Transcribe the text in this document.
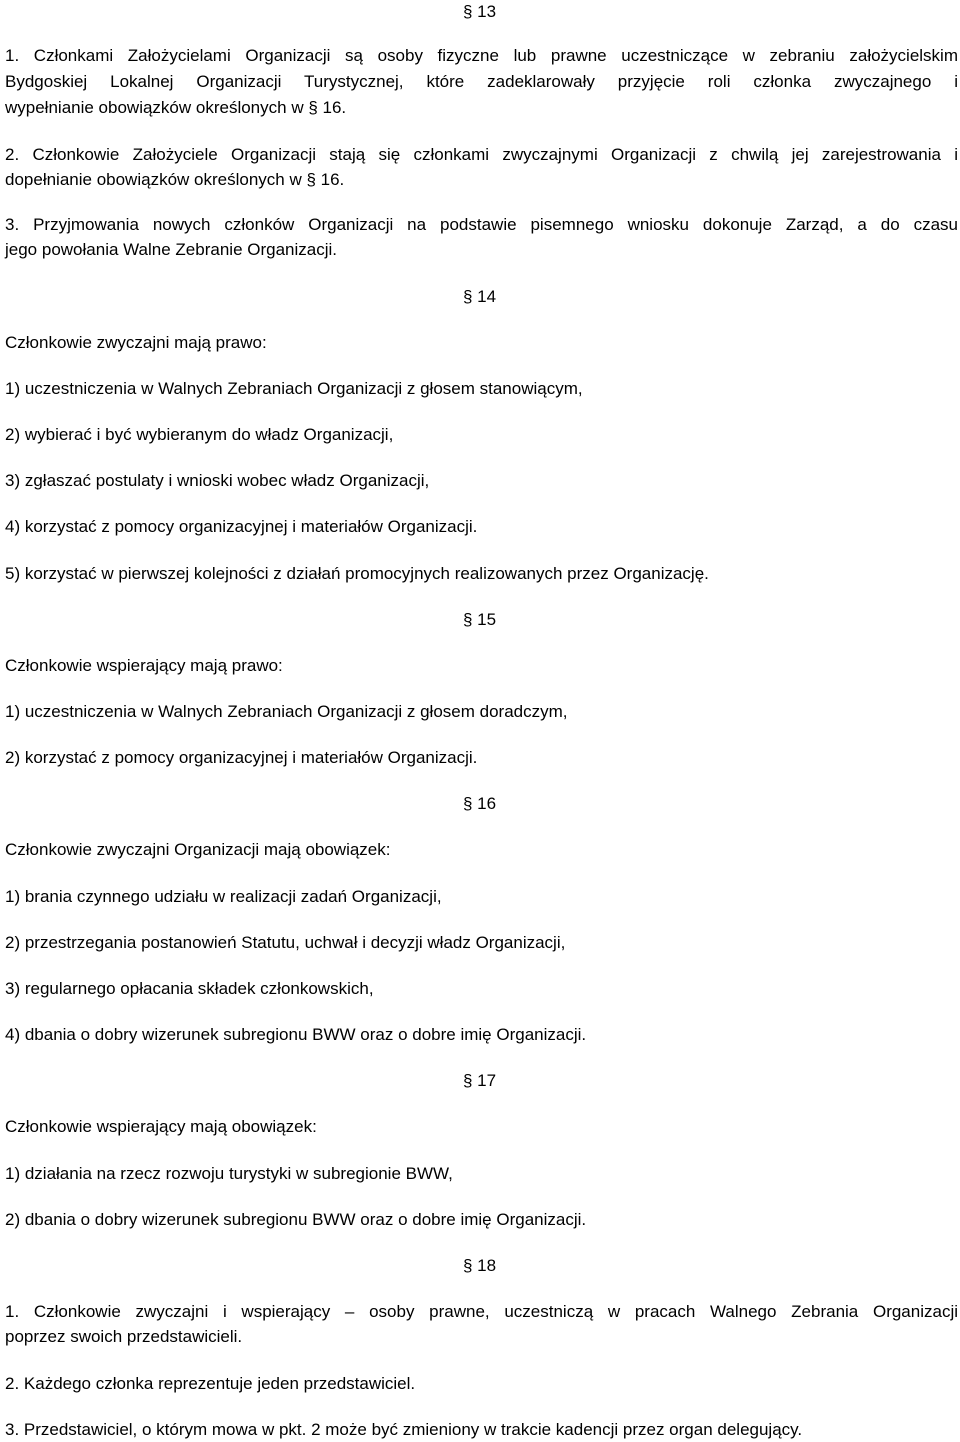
§ 13
1. Członkami Założycielami Organizacji są osoby fizyczne lub prawne uczestniczące w zebraniu założycielskim
Bydgoskiej Lokalnej Organizacji Turystycznej, które zadeklarowały przyjęcie roli członka zwyczajnego i
wypełnianie obowiązków określonych w § 16.
2. Członkowie Założyciele Organizacji stają się członkami zwyczajnymi Organizacji z chwilą jej zarejestrowania i
dopełnianie obowiązków określonych w § 16.
3. Przyjmowania nowych członków Organizacji na podstawie pisemnego wniosku dokonuje Zarząd, a do czasu
jego powołania Walne Zebranie Organizacji.
§ 14
Członkowie zwyczajni mają prawo:
1) uczestniczenia w Walnych Zebraniach Organizacji z głosem stanowiącym,
2) wybierać i być wybieranym do władz Organizacji,
3) zgłaszać postulaty i wnioski wobec władz Organizacji,
4) korzystać z pomocy organizacyjnej i materiałów Organizacji.
5) korzystać w pierwszej kolejności z działań promocyjnych realizowanych przez Organizację.
§ 15
Członkowie wspierający mają prawo:
1) uczestniczenia w Walnych Zebraniach Organizacji z głosem doradczym,
2) korzystać z pomocy organizacyjnej i materiałów Organizacji.
§ 16
Członkowie zwyczajni Organizacji mają obowiązek:
1) brania czynnego udziału w realizacji zadań Organizacji,
2) przestrzegania postanowień Statutu, uchwał i decyzji władz Organizacji,
3) regularnego opłacania składek członkowskich,
4) dbania o dobry wizerunek subregionu BWW oraz o dobre imię Organizacji.
§ 17
Członkowie wspierający mają obowiązek:
1) działania na rzecz rozwoju turystyki w subregionie BWW,
2) dbania o dobry wizerunek subregionu BWW oraz o dobre imię Organizacji.
§ 18
1. Członkowie zwyczajni i wspierający – osoby prawne, uczestniczą w pracach Walnego Zebrania Organizacji
poprzez swoich przedstawicieli.
2. Każdego członka reprezentuje jeden przedstawiciel.
3. Przedstawiciel, o którym mowa w pkt. 2 może być zmieniony w trakcie kadencji przez organ delegujący.
